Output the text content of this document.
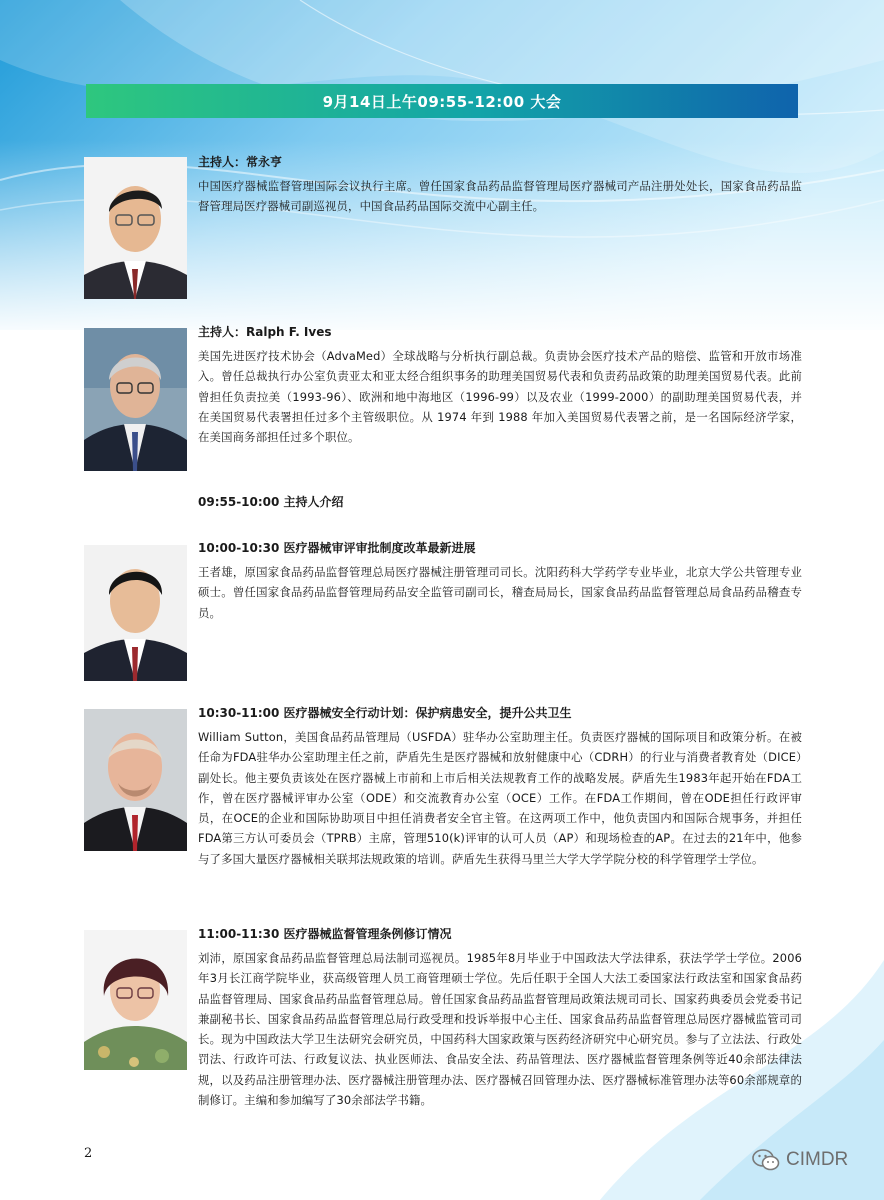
9月14日上午09:55-12:00 大会
主持人：常永亨
中国医疗器械监督管理国际会议执行主席。曾任国家食品药品监督管理局医疗器械司产品注册处处长，国家食品药品监督管理局医疗器械司副巡视员，中国食品药品国际交流中心副主任。
主持人：Ralph F. Ives
美国先进医疗技术协会（AdvaMed）全球战略与分析执行副总裁。负责协会医疗技术产品的赔偿、监管和开放市场准入。曾任总裁执行办公室负责亚太和亚太经合组织事务的助理美国贸易代表和负责药品政策的助理美国贸易代表。此前曾担任负责拉美（1993-96）、欧洲和地中海地区（1996-99）以及农业（1999-2000）的副助理美国贸易代表，并在美国贸易代表署担任过多个主管级职位。从 1974 年到 1988 年加入美国贸易代表署之前，是一名国际经济学家，在美国商务部担任过多个职位。
09:55-10:00 主持人介绍
10:00-10:30 医疗器械审评审批制度改革最新进展
王者雄，原国家食品药品监督管理总局医疗器械注册管理司司长。沈阳药科大学药学专业毕业，北京大学公共管理专业硕士。曾任国家食品药品监督管理局药品安全监管司副司长，稽查局局长，国家食品药品监督管理总局食品药品稽查专员。
10:30-11:00 医疗器械安全行动计划：保护病患安全，提升公共卫生
William Sutton，美国食品药品管理局（USFDA）驻华办公室助理主任。负责医疗器械的国际项目和政策分析。在被任命为FDA驻华办公室助理主任之前，萨盾先生是医疗器械和放射健康中心（CDRH）的行业与消费者教育处（DICE）副处长。他主要负责该处在医疗器械上市前和上市后相关法规教育工作的战略发展。萨盾先生1983年起开始在FDA工作，曾在医疗器械评审办公室（ODE）和交流教育办公室（OCE）工作。在FDA工作期间，曾在ODE担任行政评审员，在OCE的企业和国际协助项目中担任消费者安全官主管。在这两项工作中，他负责国内和国际合规事务，并担任FDA第三方认可委员会（TPRB）主席，管理510(k)评审的认可人员（AP）和现场检查的AP。在过去的21年中，他参与了多国大量医疗器械相关联邦法规政策的培训。萨盾先生获得马里兰大学大学学院分校的科学管理学士学位。
11:00-11:30 医疗器械监督管理条例修订情况
刘沛，原国家食品药品监督管理总局法制司巡视员。1985年8月毕业于中国政法大学法律系，获法学学士学位。2006年3月长江商学院毕业，获高级管理人员工商管理硕士学位。先后任职于全国人大法工委国家法行政法室和国家食品药品监督管理局、国家食品药品监督管理总局。曾任国家食品药品监督管理局政策法规司司长、国家药典委员会党委书记兼副秘书长、国家食品药品监督管理总局行政受理和投诉举报中心主任、国家食品药品监督管理总局医疗器械监管司司长。现为中国政法大学卫生法研究会研究员，中国药科大国家政策与医药经济研究中心研究员。参与了立法法、行政处罚法、行政许可法、行政复议法、执业医师法、食品安全法、药品管理法、医疗器械监督管理条例等近40余部法律法规，以及药品注册管理办法、医疗器械注册管理办法、医疗器械召回管理办法、医疗器械标准管理办法等60余部规章的制修订。主编和参加编写了30余部法学书籍。
2	CIMDR
